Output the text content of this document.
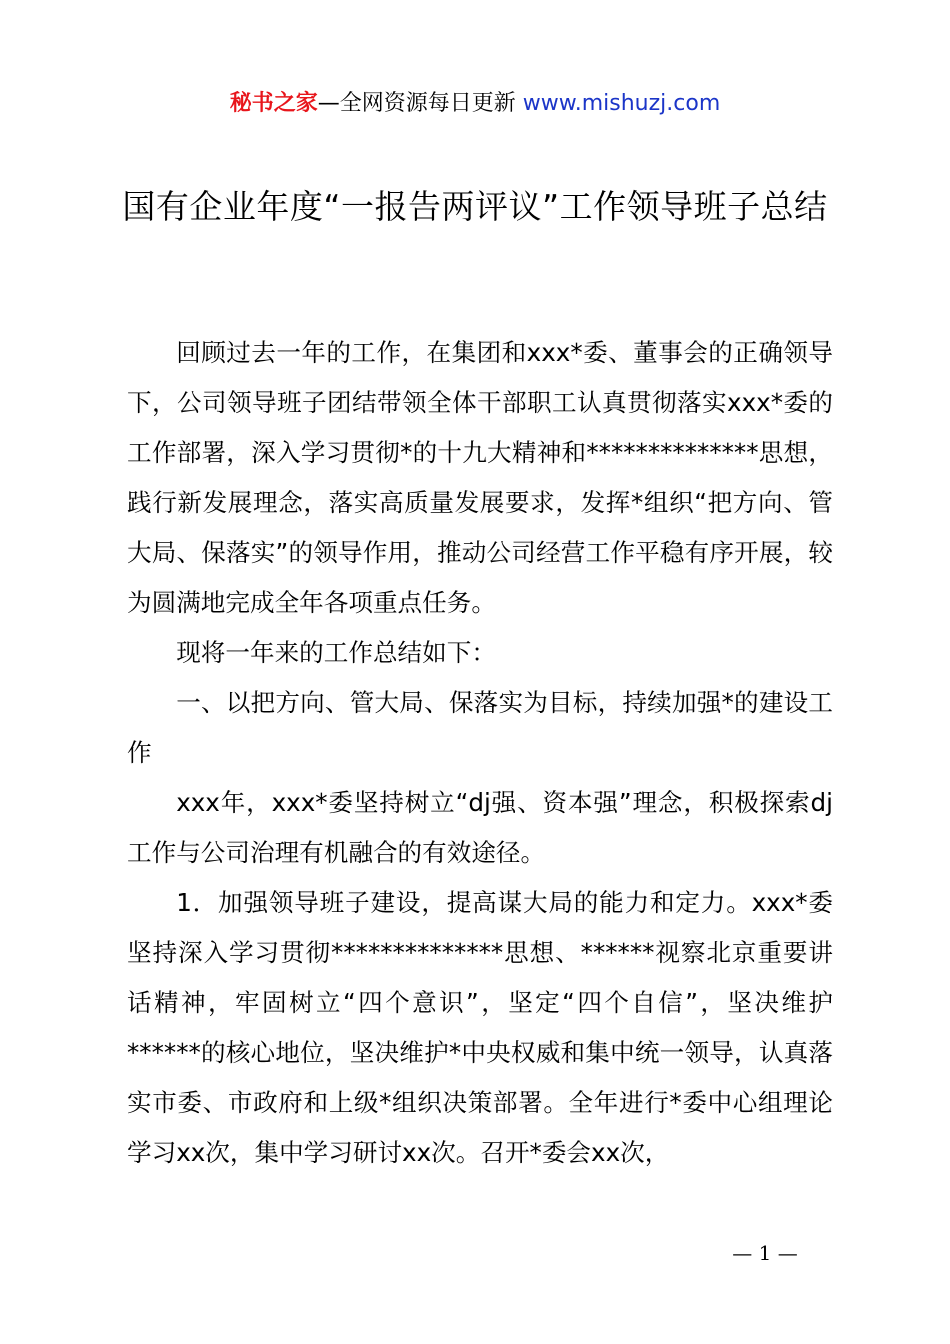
秘书之家—全网资源每日更新 www.mishuzj.com
国有企业年度“一报告两评议”工作领导班子总结

回顾过去一年的工作，在集团和xxx*委、董事会的正确领导下，公司领导班子团结带领全体干部职工认真贯彻落实xxx*委的工作部署，深入学习贯彻*的十九大精神和**************思想，践行新发展理念，落实高质量发展要求，发挥*组织“把方向、管大局、保落实”的领导作用，推动公司经营工作平稳有序开展，较为圆满地完成全年各项重点任务。

现将一年来的工作总结如下：

一、以把方向、管大局、保落实为目标，持续加强*的建设工作

xxx年，xxx*委坚持树立“dj强、资本强”理念，积极探索dj工作与公司治理有机融合的有效途径。

1．加强领导班子建设，提高谋大局的能力和定力。xxx*委坚持深入学习贯彻**************思想、******视察北京重要讲话精神，牢固树立“四个意识”，坚定“四个自信”，坚决维护******的核心地位，坚决维护*中央权威和集中统一领导，认真落实市委、市政府和上级*组织决策部署。全年进行*委中心组理论学习xx次，集中学习研讨xx次。召开*委会xx次，

— 1 —
